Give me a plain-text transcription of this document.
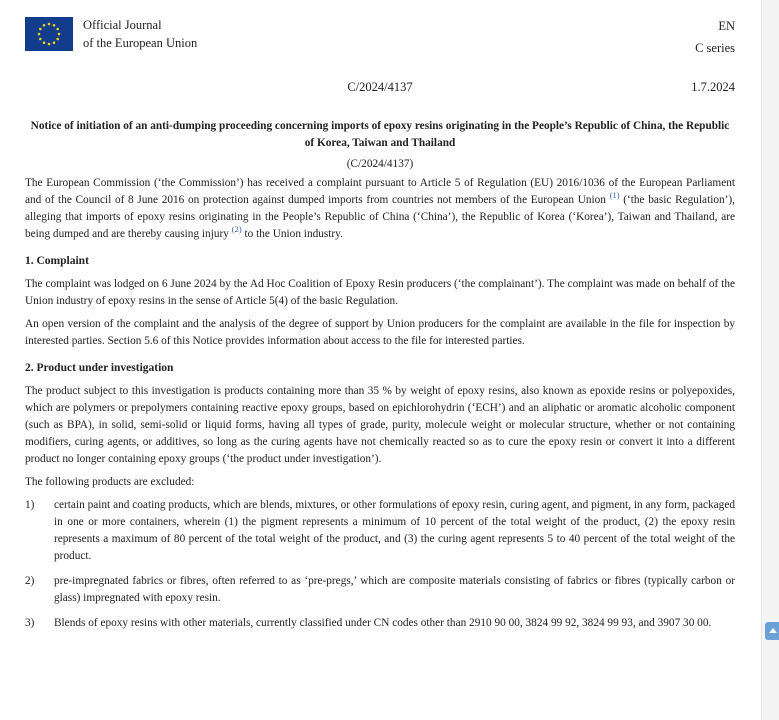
Official Journal
of the European Union
EN
C series
C/2024/4137	1.7.2024

Notice of initiation of an anti-dumping proceeding concerning imports of epoxy resins originating in the People’s Republic of China, the Republic of Korea, Taiwan and Thailand

(C/2024/4137)

The European Commission (‘the Commission’) has received a complaint pursuant to Article 5 of Regulation (EU) 2016/1036 of the European Parliament and of the Council of 8 June 2016 on protection against dumped imports from countries not members of the European Union $^{(1)}$ (‘the basic Regulation’), alleging that imports of epoxy resins originating in the People’s Republic of China (‘China’), the Republic of Korea (‘Korea’), Taiwan and Thailand, are being dumped and are thereby causing injury $^{(2)}$ to the Union industry.

1. Complaint

The complaint was lodged on 6 June 2024 by the Ad Hoc Coalition of Epoxy Resin producers (‘the complainant’). The complaint was made on behalf of the Union industry of epoxy resins in the sense of Article 5(4) of the basic Regulation.

An open version of the complaint and the analysis of the degree of support by Union producers for the complaint are available in the file for inspection by interested parties. Section 5.6 of this Notice provides information about access to the file for interested parties.

2. Product under investigation

The product subject to this investigation is products containing more than 35 % by weight of epoxy resins, also known as epoxide resins or polyepoxides, which are polymers or prepolymers containing reactive epoxy groups, based on epichlorohydrin (‘ECH’) and an aliphatic or aromatic alcoholic component (such as BPA), in solid, semi-solid or liquid forms, having all types of grade, purity, molecule weight or molecular structure, whether or not containing modifiers, curing agents, or additives, so long as the curing agents have not chemically reacted so as to cure the epoxy resin or convert it into a different product no longer containing epoxy groups (‘the product under investigation’).

The following products are excluded:

1) certain paint and coating products, which are blends, mixtures, or other formulations of epoxy resin, curing agent, and pigment, in any form, packaged in one or more containers, wherein (1) the pigment represents a minimum of 10 percent of the total weight of the product, (2) the epoxy resin represents a maximum of 80 percent of the total weight of the product, and (3) the curing agent represents 5 to 40 percent of the total weight of the product.
2) pre-impregnated fabrics or fibres, often referred to as ‘pre-pregs,’ which are composite materials consisting of fabrics or fibres (typically carbon or glass) impregnated with epoxy resin.
3) Blends of epoxy resins with other materials, currently classified under CN codes other than 2910 90 00, 3824 99 92, 3824 99 93, and 3907 30 00.
